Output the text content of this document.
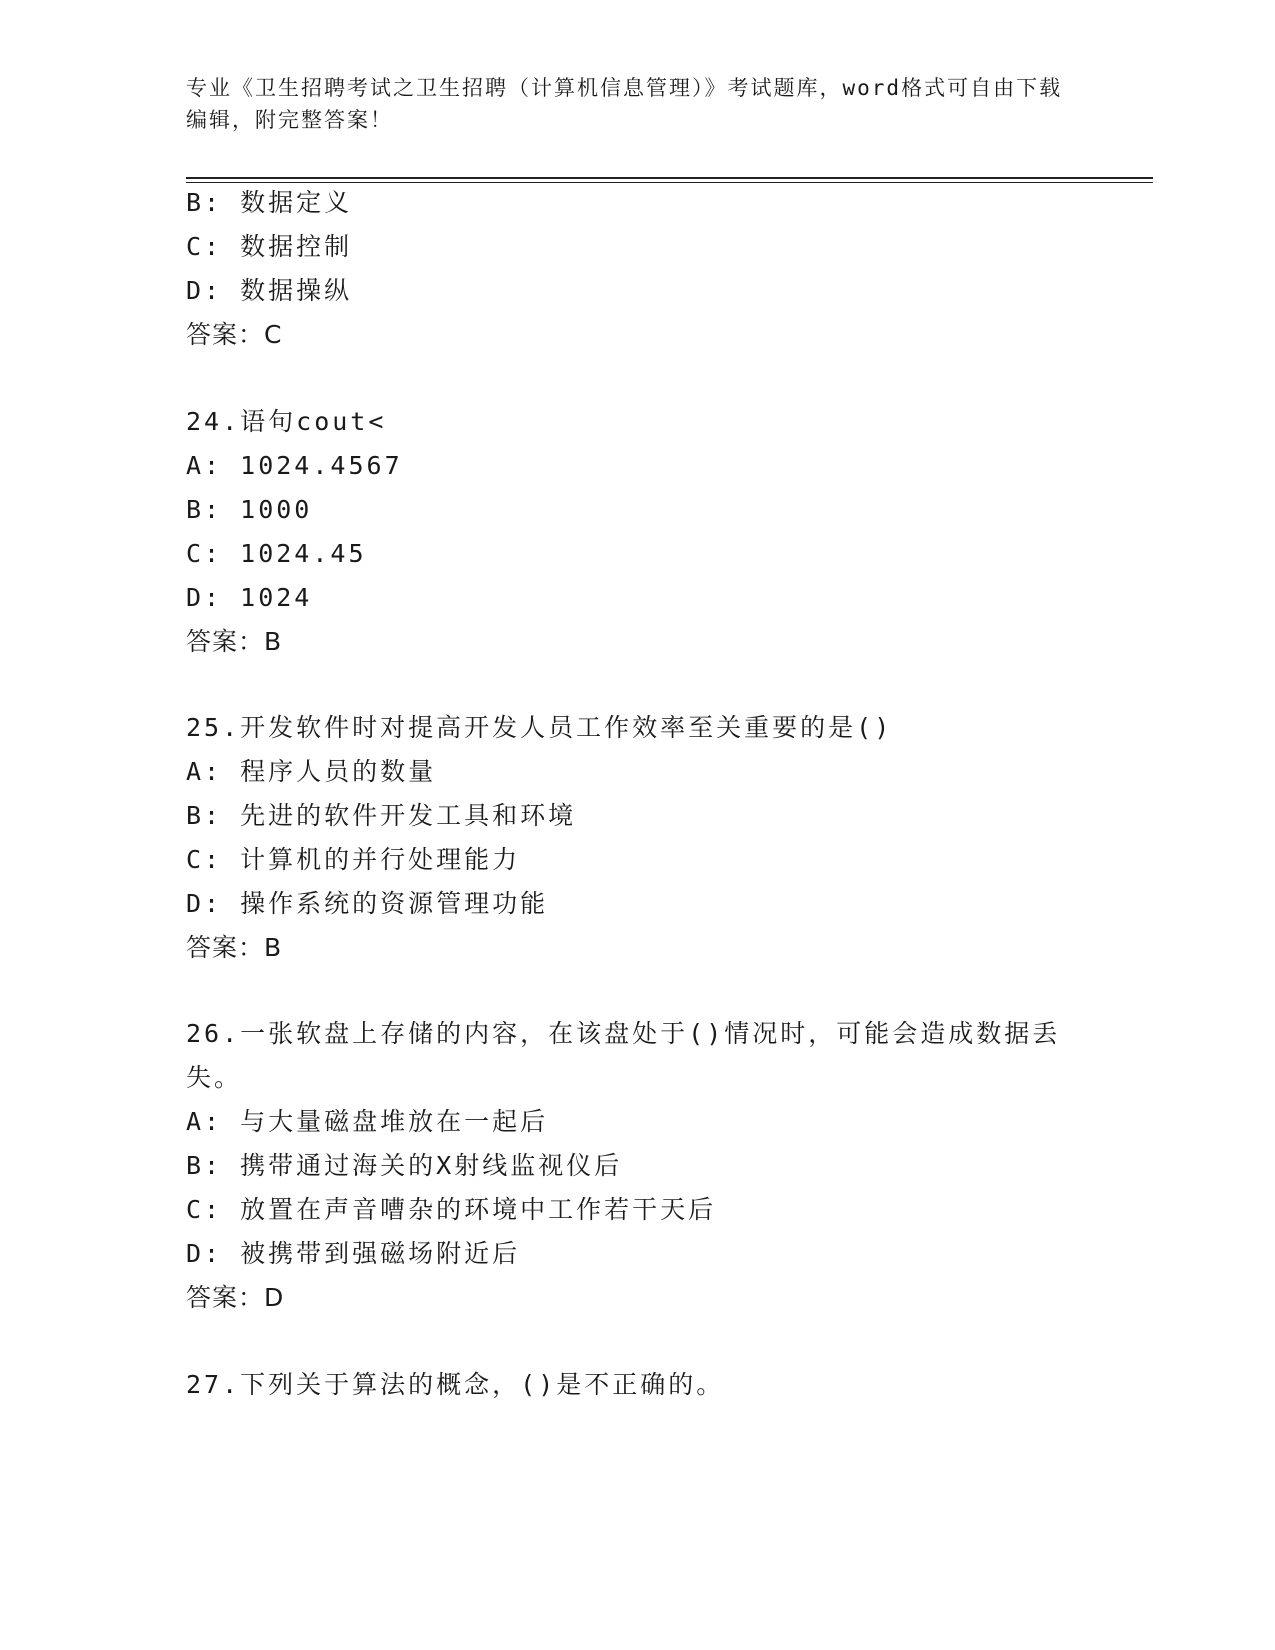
专业《卫生招聘考试之卫生招聘（计算机信息管理）》考试题库，word格式可自由下载编辑，附完整答案！
B: 数据定义
C: 数据控制
D: 数据操纵
答案：C
24.语句cout<
A: 1024.4567
B: 1000
C: 1024.45
D: 1024
答案：B
25.开发软件时对提高开发人员工作效率至关重要的是()
A: 程序人员的数量
B: 先进的软件开发工具和环境
C: 计算机的并行处理能力
D: 操作系统的资源管理功能
答案：B
26.一张软盘上存储的内容，在该盘处于()情况时，可能会造成数据丢
失。
A: 与大量磁盘堆放在一起后
B: 携带通过海关的X射线监视仪后
C: 放置在声音嘈杂的环境中工作若干天后
D: 被携带到强磁场附近后
答案：D
27.下列关于算法的概念，()是不正确的。
